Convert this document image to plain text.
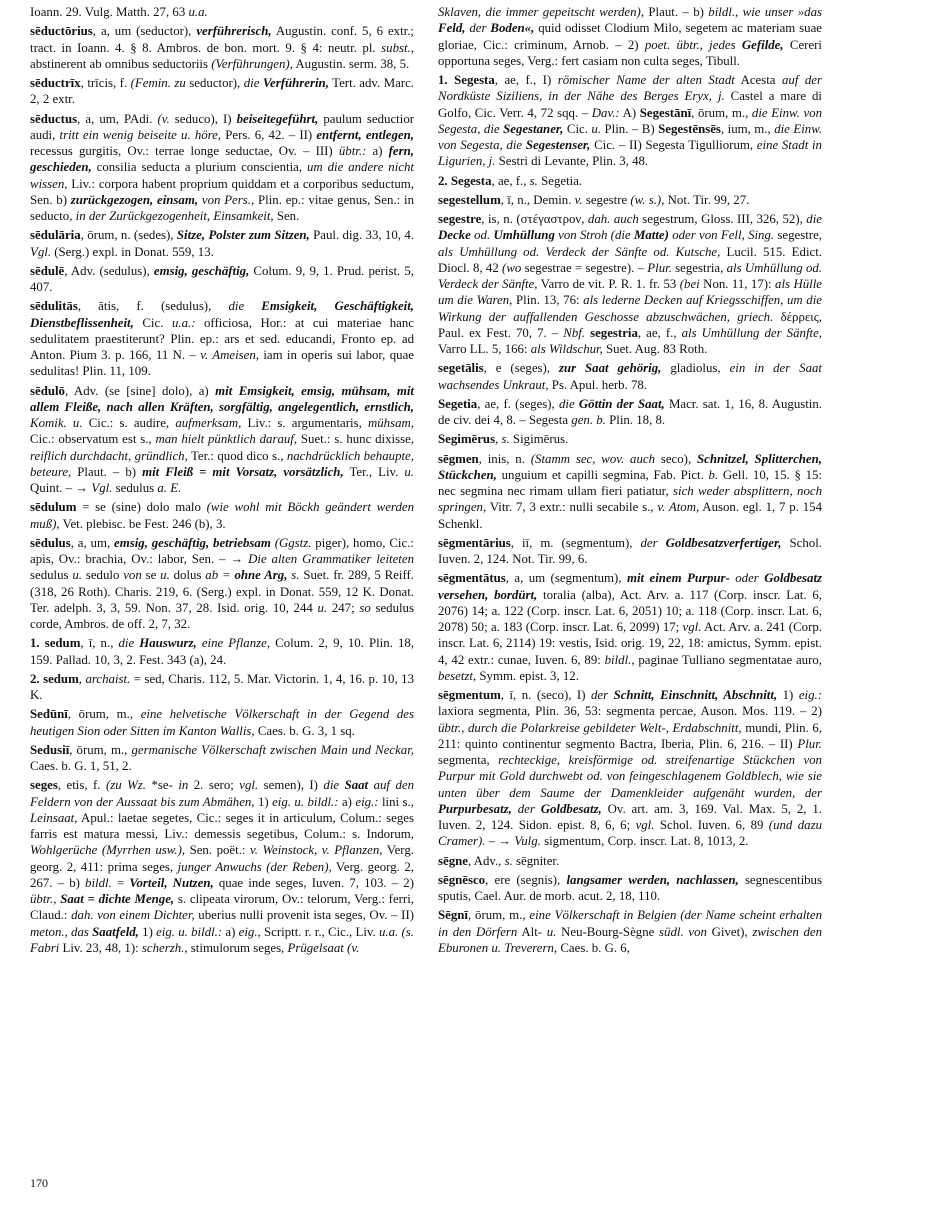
Ioann. 29. Vulg. Matth. 27, 63 u.a.
sēductōrius, a, um (seductor), verführerisch, Augustin. conf. 5, 6 extr.; tract. in Ioann. 4. § 8. Ambros. de bon. mort. 9. § 4: neutr. pl. subst., abstinerent ab omnibus seductoriis (Verführungen), Augustin. serm. 38, 5.
sēductrīx, trīcis, f. (Femin. zu seductor), die Verführerin, Tert. adv. Marc. 2, 2 extr.
sēductus, a, um, PAdi. (v. seduco), I) beiseitegeführt, paulum seductior audi, tritt ein wenig beiseite u. höre, Pers. 6, 42. – II) entfernt, entlegen, recessus gurgitis, Ov.: terrae longe seductae, Ov. – III) übtr.: a) fern, geschieden, consilia seducta a plurium conscientia, um die andere nicht wissen, Liv.: corpora habent proprium quiddam et a corporibus seductum, Sen. b) zurückgezogen, einsam, von Pers., Plin. ep.: vitae genus, Sen.: in seducto, in der Zurückgezogenheit, Einsamkeit, Sen.
sēdulāria, ōrum, n. (sedes), Sitze, Polster zum Sitzen, Paul. dig. 33, 10, 4. Vgl. (Serg.) expl. in Donat. 559, 13.
sēdulē, Adv. (sedulus), emsig, geschäftig, Colum. 9, 9, 1. Prud. perist. 5, 407.
sēdulitās, ātis, f. (sedulus), die Emsigkeit, Geschäftigkeit, Dienstbeflissenheit, Cic. u.a.: officiosa, Hor.: at cui materiae hanc sedulitatem praestiterunt? Plin. ep.: ars et sed. educandi, Fronto ep. ad Anton. Pium 3. p. 166, 11 N. – v. Ameisen, iam in operis sui labor, quae sedulitas! Plin. 11, 109.
sēdulō, Adv. (se [sine] dolo), a) mit Emsigkeit, emsig, mühsam, mit allem Fleiße, nach allen Kräften, sorgfältig, angelegentlich, ernstlich, Komik. u. Cic.: s. audire, aufmerksam, Liv.: s. argumentaris, mühsam, Cic.: observatum est s., man hielt pünktlich darauf, Suet.: s. hunc dixisse, reiflich durchdacht, gründlich, Ter.: quod dico s., nachdrücklich behaupte, beteure, Plaut. – b) mit Fleiß = mit Vorsatz, vorsätzlich, Ter., Liv. u. Quint. – → Vgl. sedulus a. E.
sēdulum = se (sine) dolo malo (wie wohl mit Böckh geändert werden muß), Vet. plebisc. be Fest. 246 (b), 3.
sēdulus, a, um, emsig, geschäftig, betriebsam (Ggstz. piger), homo, Cic.: apis, Ov.: brachia, Ov.: labor, Sen. – → Die alten Grammatiker leiteten sedulus u. sedulo von se u. dolus ab = ohne Arg, s. Suet. fr. 289, 5 Reiff. (318, 26 Roth). Charis. 219, 6. (Serg.) expl. in Donat. 559, 12 K. Donat. Ter. adelph. 3, 3, 59. Non. 37, 28. Isid. orig. 10, 244 u. 247; so sedulus corde, Ambros. de off. 2, 7, 32.
1. sedum, ī, n., die Hauswurz, eine Pflanze, Colum. 2, 9, 10. Plin. 18, 159. Pallad. 10, 3, 2. Fest. 343 (a), 24.
2. sedum, archaist. = sed, Charis. 112, 5. Mar. Victorin. 1, 4, 16. p. 10, 13 K.
Sedūnī, ōrum, m., eine helvetische Völkerschaft in der Gegend des heutigen Sion oder Sitten im Kanton Wallis, Caes. b. G. 3, 1 sq.
Sedusiī, ōrum, m., germanische Völkerschaft zwischen Main und Neckar, Caes. b. G. 1, 51, 2.
seges, etis, f. (zu Wz. *se- in 2. sero; vgl. semen), I) die Saat auf den Feldern von der Aussaat bis zum Abmähen, 1) eig. u. bildl.: a) eig.: lini s., Leinsaat, Apul.: laetae segetes, Cic.: seges it in articulum, Colum.: seges farris est matura messi, Liv.: demessis segetibus, Colum.: s. Indorum, Wohlgerüche (Myrrhen usw.), Sen. poët.: v. Weinstock, v. Pflanzen, Verg. georg. 2, 411: prima seges, junger Anwuchs (der Reben), Verg. georg. 2, 267. – b) bildl. = Vorteil, Nutzen, quae inde seges, Iuven. 7, 103. – 2) übtr., Saat = dichte Menge, s. clipeata virorum, Ov.: telorum, Verg.: ferri, Claud.: dah. von einem Dichter, uberius nulli provenit ista seges, Ov. – II) meton., das Saatfeld, 1) eig. u. bildl.: a) eig., Scriptt. r. r., Cic., Liv. u.a. (s. Fabri Liv. 23, 48, 1): scherzh., stimulorum seges, Prügelsaat (v.
Sklaven, die immer gepeitscht werden), Plaut. – b) bildl., wie unser »das Feld, der Boden«, quid odisset Clodium Milo, segetem ac materiam suae gloriae, Cic.: criminum, Arnob. – 2) poet. übtr., jedes Gefilde, Cereri opportuna seges, Verg.: fert casiam non culta seges, Tibull.
1. Segesta, ae, f., I) römischer Name der alten Stadt Acesta auf der Nordküste Siziliens, in der Nähe des Berges Eryx, j. Castel a mare di Golfo, Cic. Verr. 4, 72 sqq. – Dav.: A) Segestānī, ōrum, m., die Einw. von Segesta, die Segestaner, Cic. u. Plin. – B) Segestēnsēs, ium, m., die Einw. von Segesta, die Segestenser, Cic. – II) Segesta Tigulliorum, eine Stadt in Ligurien, j. Sestri di Levante, Plin. 3, 48.
2. Segesta, ae, f., s. Segetia.
segestellum, ī, n., Demin. v. segestre (w. s.), Not. Tir. 99, 27.
segestre, is, n. (στέγαστρον, dah. auch segestrum, Gloss. III, 326, 52), die Decke od. Umhüllung von Stroh (die Matte) oder von Fell, Sing. segestre, als Umhüllung od. Verdeck der Sänfte od. Kutsche, Lucil. 515. Edict. Diocl. 8, 42 (wo segestrae = segestre). – Plur. segestria, als Umhüllung od. Verdeck der Sänfte, Varro de vit. P. R. 1. fr. 53 (bei Non. 11, 17): als Hülle um die Waren, Plin. 13, 76: als lederne Decken auf Kriegsschiffen, um die Wirkung der auffallenden Geschosse abzuschwächen, griech. δέρρεις, Paul. ex Fest. 70, 7. – Nbf. segestria, ae, f., als Umhüllung der Sänfte, Varro LL. 5, 166: als Wildschur, Suet. Aug. 83 Roth.
segetālis, e (seges), zur Saat gehörig, gladiolus, ein in der Saat wachsendes Unkraut, Ps. Apul. herb. 78.
Segetia, ae, f. (seges), die Göttin der Saat, Macr. sat. 1, 16, 8. Augustin. de civ. dei 4, 8. – Segesta gen. b. Plin. 18, 8.
Segimērus, s. Sigimērus.
sēgmen, inis, n. (Stamm sec, wov. auch seco), Schnitzel, Splitterchen, Stückchen, unguium et capilli segmina, Fab. Pict. b. Gell. 10, 15. § 15: nec segmina nec rimam ullam fieri patiatur, sich weder absplittern, noch springen, Vitr. 7, 3 extr.: nulli secabile s., v. Atom, Auson. egl. 1, 7 p. 154 Schenkl.
sēgmentārius, iī, m. (segmentum), der Goldbesatzverfertiger, Schol. Iuven. 2, 124. Not. Tir. 99, 6.
sēgmentātus, a, um (segmentum), mit einem Purpur- oder Goldbesatz versehen, bordürt, toralia (alba), Act. Arv. a. 117 (Corp. inscr. Lat. 6, 2076) 14; a. 122 (Corp. inscr. Lat. 6, 2051) 10; a. 118 (Corp. inscr. Lat. 6, 2078) 50; a. 183 (Corp. inscr. Lat. 6, 2099) 17; vgl. Act. Arv. a. 241 (Corp. inscr. Lat. 6, 2114) 19: vestis, Isid. orig. 19, 22, 18: amictus, Symm. epist. 4, 42 extr.: cunae, Iuven. 6, 89: bildl., paginae Tulliano segmentatae auro, besetzt, Symm. epist. 3, 12.
sēgmentum, ī, n. (seco), I) der Schnitt, Einschnitt, Abschnitt, 1) eig.: laxiora segmenta, Plin. 36, 53: segmenta percae, Auson. Mos. 119. – 2) übtr., durch die Polarkreise gebildeter Welt-, Erdabschnitt, mundi, Plin. 6, 211: quinto continentur segmento Bactra, Iberia, Plin. 6, 216. – II) Plur. segmenta, rechteckige, kreisförmige od. streifenartige Stückchen von Purpur mit Gold durchwebt od. von feingeschlagenem Goldblech, wie sie unten über dem Saume der Damenkleider aufgenäht wurden, der Purpurbesatz, der Goldbesatz, Ov. art. am. 3, 169. Val. Max. 5, 2, 1. Iuven. 2, 124. Sidon. epist. 8, 6, 6; vgl. Schol. Iuven. 6, 89 (und dazu Cramer). – → Vulg. sigmentum, Corp. inscr. Lat. 8, 1013, 2.
sēgne, Adv., s. sēgniter.
sēgnēsco, ere (segnis), langsamer werden, nachlassen, segnescentibus sputis, Cael. Aur. de morb. acut. 2, 18, 110.
Sēgnī, ōrum, m., eine Völkerschaft in Belgien (der Name scheint erhalten in den Dörfern Alt- u. Neu-Bourg-Sègne südl. von Givet), zwischen den Eburonen u. Treverern, Caes. b. G. 6,
170
